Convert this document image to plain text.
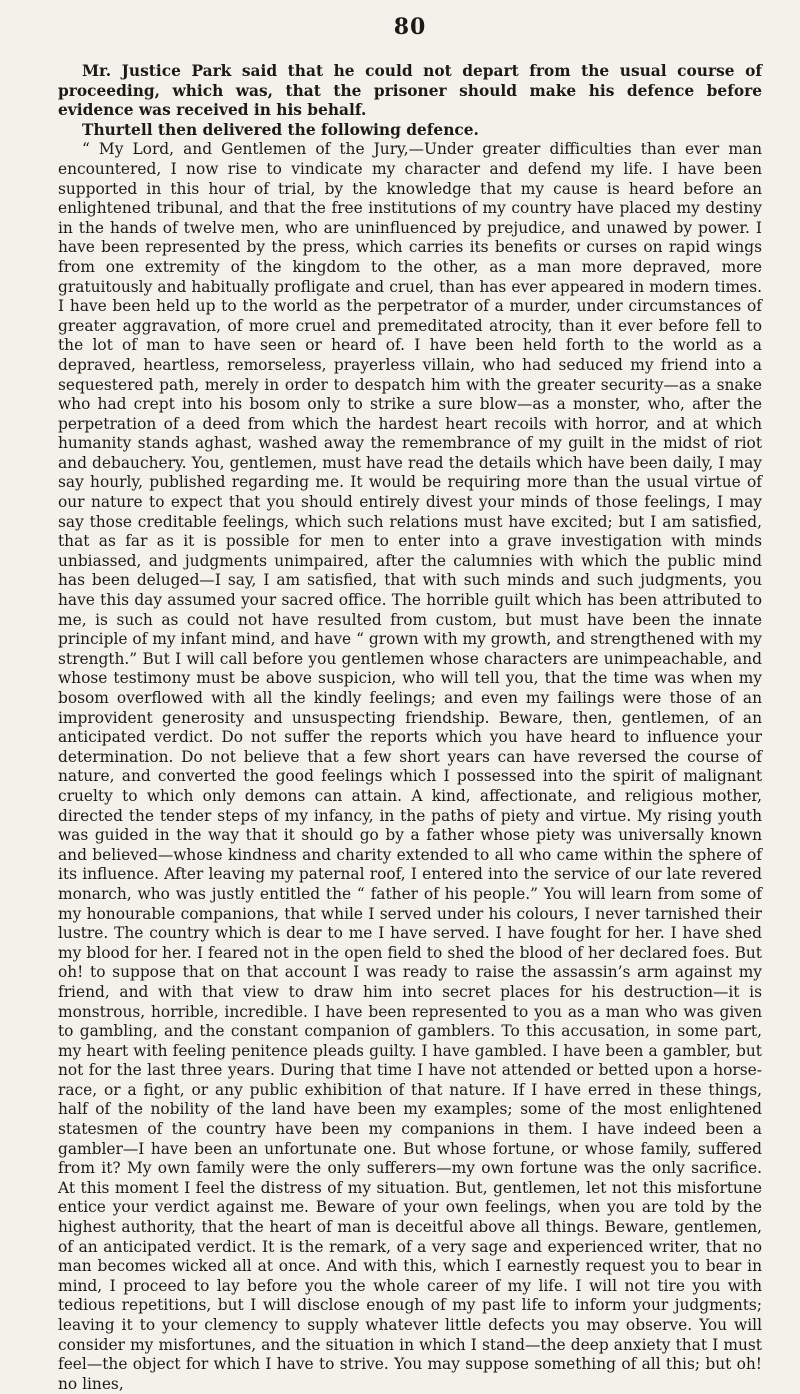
80

Mr. Justice Park said that he could not depart from the usual course of proceeding, which was, that the prisoner should make his defence before evidence was received in his behalf.

Thurtell then delivered the following defence.

“ My Lord, and Gentlemen of the Jury,—Under greater difficulties than ever man encountered, I now rise to vindicate my character and defend my life. I have been supported in this hour of trial, by the knowledge that my cause is heard before an enlightened tribunal, and that the free institutions of my country have placed my destiny in the hands of twelve men, who are uninfluenced by prejudice, and unawed by power. I have been represented by the press, which carries its benefits or curses on rapid wings from one extremity of the kingdom to the other, as a man more depraved, more gratuitously and habitually profligate and cruel, than has ever appeared in modern times. I have been held up to the world as the perpetrator of a murder, under circumstances of greater aggravation, of more cruel and premeditated atrocity, than it ever before fell to the lot of man to have seen or heard of. I have been held forth to the world as a depraved, heartless, remorseless, prayerless villain, who had seduced my friend into a sequestered path, merely in order to despatch him with the greater security—as a snake who had crept into his bosom only to strike a sure blow—as a monster, who, after the perpetration of a deed from which the hardest heart recoils with horror, and at which humanity stands aghast, washed away the remembrance of my guilt in the midst of riot and debauchery. You, gentlemen, must have read the details which have been daily, I may say hourly, published regarding me. It would be requiring more than the usual virtue of our nature to expect that you should entirely divest your minds of those feelings, I may say those creditable feelings, which such relations must have excited; but I am satisfied, that as far as it is possible for men to enter into a grave investigation with minds unbiassed, and judgments unimpaired, after the calumnies with which the public mind has been deluged—I say, I am satisfied, that with such minds and such judgments, you have this day assumed your sacred office. The horrible guilt which has been attributed to me, is such as could not have resulted from custom, but must have been the innate principle of my infant mind, and have “ grown with my growth, and strengthened with my strength.” But I will call before you gentlemen whose characters are unimpeachable, and whose testimony must be above suspicion, who will tell you, that the time was when my bosom overflowed with all the kindly feelings; and even my failings were those of an improvident generosity and unsuspecting friendship. Beware, then, gentlemen, of an anticipated verdict. Do not suffer the reports which you have heard to influence your determination. Do not believe that a few short years can have reversed the course of nature, and converted the good feelings which I possessed into the spirit of malignant cruelty to which only demons can attain. A kind, affectionate, and religious mother, directed the tender steps of my infancy, in the paths of piety and virtue. My rising youth was guided in the way that it should go by a father whose piety was universally known and believed—whose kindness and charity extended to all who came within the sphere of its influence. After leaving my paternal roof, I entered into the service of our late revered monarch, who was justly entitled the “ father of his people.” You will learn from some of my honourable companions, that while I served under his colours, I never tarnished their lustre. The country which is dear to me I have served. I have fought for her. I have shed my blood for her. I feared not in the open field to shed the blood of her declared foes. But oh! to suppose that on that account I was ready to raise the assassin’s arm against my friend, and with that view to draw him into secret places for his destruction—it is monstrous, horrible, incredible. I have been represented to you as a man who was given to gambling, and the constant companion of gamblers. To this accusation, in some part, my heart with feeling penitence pleads guilty. I have gambled. I have been a gambler, but not for the last three years. During that time I have not attended or betted upon a horse-race, or a fight, or any public exhibition of that nature. If I have erred in these things, half of the nobility of the land have been my examples; some of the most enlightened statesmen of the country have been my companions in them. I have indeed been a gambler—I have been an unfortunate one. But whose fortune, or whose family, suffered from it? My own family were the only sufferers—my own fortune was the only sacrifice. At this moment I feel the distress of my situation. But, gentlemen, let not this misfortune entice your verdict against me. Beware of your own feelings, when you are told by the highest authority, that the heart of man is deceitful above all things. Beware, gentlemen, of an anticipated verdict. It is the remark, of a very sage and experienced writer, that no man becomes wicked all at once. And with this, which I earnestly request you to bear in mind, I proceed to lay before you the whole career of my life. I will not tire you with tedious repetitions, but I will disclose enough of my past life to inform your judgments; leaving it to your clemency to supply whatever little defects you may observe. You will consider my misfortunes, and the situation in which I stand—the deep anxiety that I must feel—the object for which I have to strive. You may suppose something of all this; but oh! no lines,
